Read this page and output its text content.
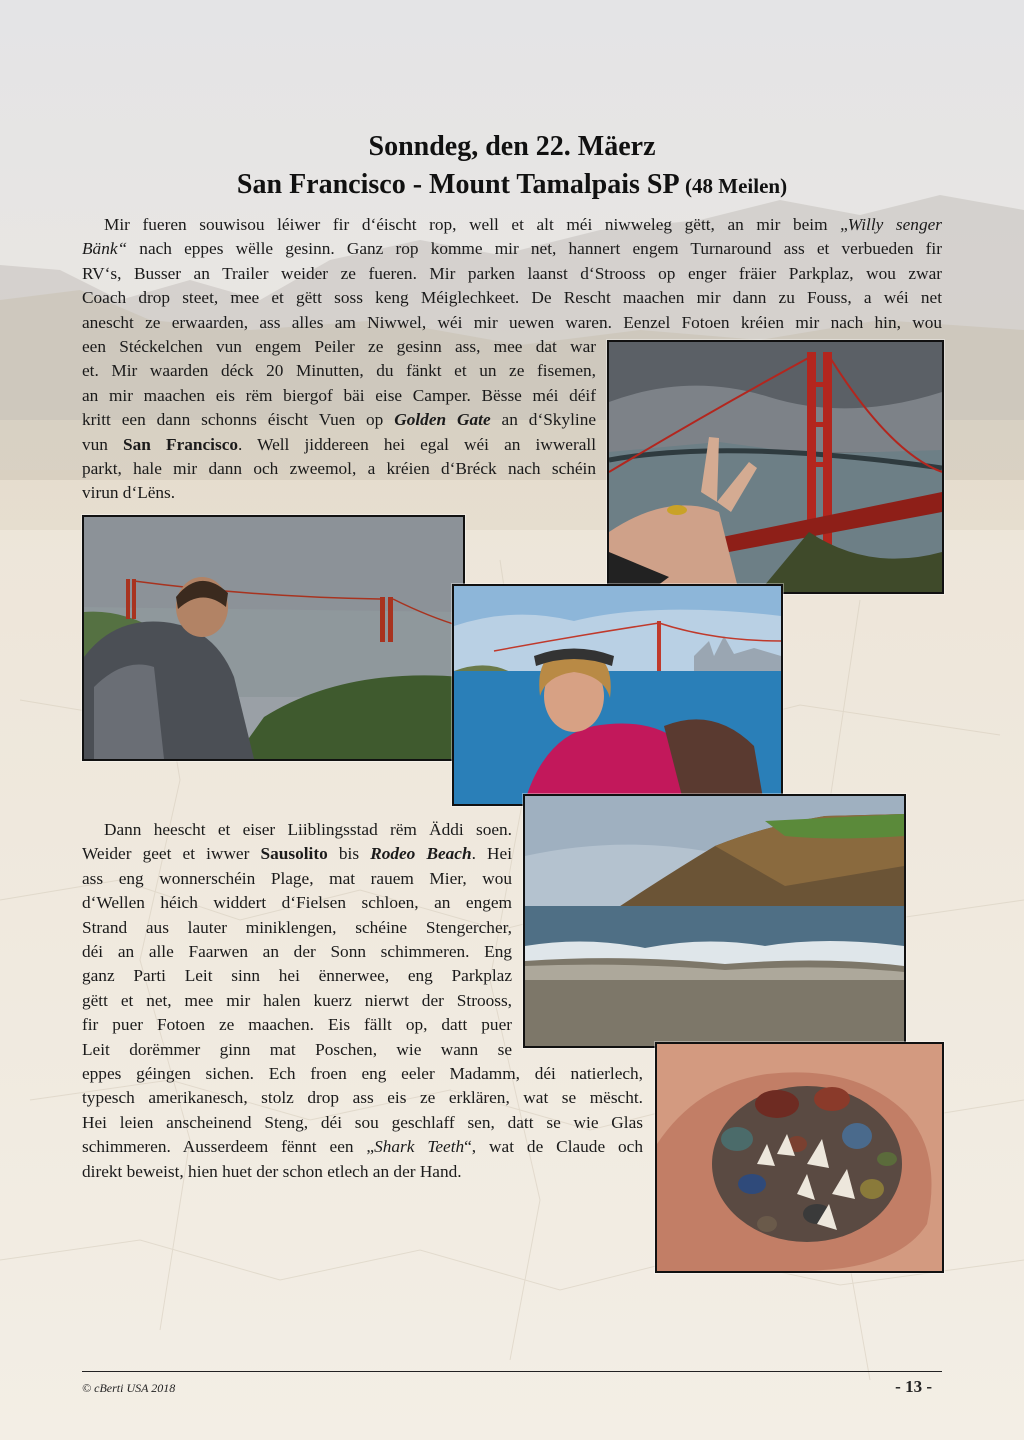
Sonndeg, den 22. Mäerz
San Francisco - Mount Tamalpais SP (48 Meilen)
Mir fueren souwisou léiwer fir d‘éischt rop, well et alt méi niwweleg gëtt, an mir beim „Willy senger
Bänk“ nach eppes wëlle gesinn. Ganz rop komme mir net, hannert engem Turnaround ass et verbueden fir
RV‘s, Busser an Trailer weider ze fueren. Mir parken laanst d‘Strooss op enger fräier Parkplaz, wou zwar
Coach drop steet, mee et gëtt soss keng Méiglechkeet. De Rescht maachen mir dann zu Fouss, a wéi net
anescht ze erwaarden, ass alles am Niwwel, wéi mir uewen waren. Eenzel Fotoen kréien mir nach hin, wou
een Stéckelchen vun engem Peiler ze gesinn ass, mee dat war
et. Mir waarden déck 20 Minutten, du fänkt et un ze fisemen,
an mir maachen eis rëm biergof bäi eise Camper. Bësse méi déif
kritt een dann schonns éischt Vuen op Golden Gate an d‘Skyline
vun San Francisco. Well jiddereen hei egal wéi an iwwerall
parkt, hale mir dann och zweemol, a kréien d‘Bréck nach schéin
virun d‘Lëns.
Dann heescht et eiser Liiblingsstad rëm Äddi soen.
Weider geet et iwwer Sausolito bis Rodeo Beach. Hei
ass eng wonnerschéin Plage, mat rauem Mier, wou
d‘Wellen héich widdert d‘Fielsen schloen, an engem
Strand aus lauter miniklengen, schéine Stengercher,
déi an alle Faarwen an der Sonn schimmeren. Eng
ganz Parti Leit sinn hei ënnerwee, eng Parkplaz
gëtt et net, mee mir halen kuerz nierwt der Strooss,
fir puer Fotoen ze maachen. Eis fällt op, datt puer
Leit dorëmmer ginn mat Poschen, wie wann se
eppes géingen sichen. Ech froen eng eeler Madamm, déi natierlech,
typesch amerikanesch, stolz drop ass eis ze erklären, wat se mëscht.
Hei leien anscheinend Steng, déi sou geschlaff sen, datt se wie Glas
schimmeren. Ausserdeem fënnt een „Shark Teeth“, wat de Claude och
direkt beweist, hien huet der schon etlech an der Hand.
© cBerti USA 2018	- 13 -
